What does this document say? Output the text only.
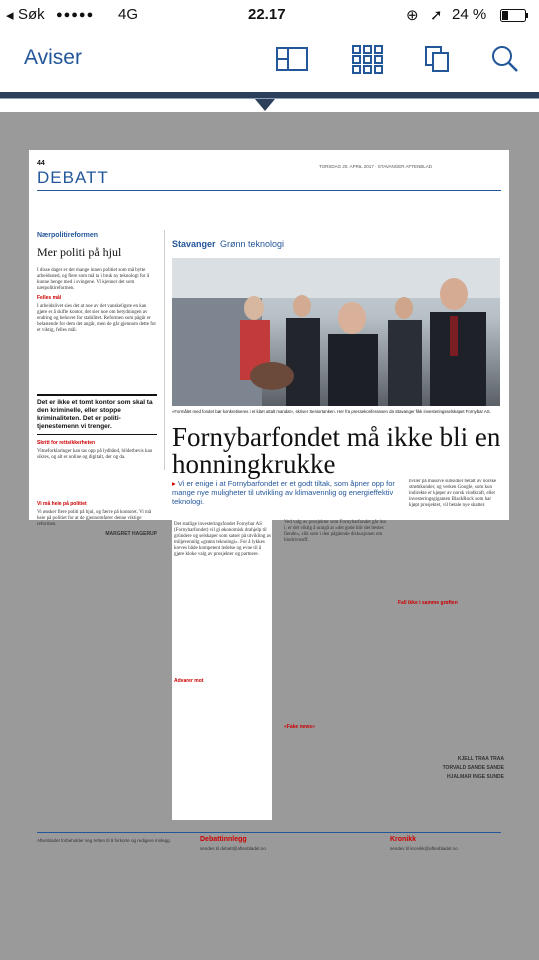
◂ Søk ●●●●● 4G	22.17	⊕ ➚ 24 %
Aviser
44
DEBATT
TORSDAG 20. APRIL 2017 · STAVANGER AFTENBLAD
Nærpolitireformen
Mer politi på hjul

I disse dager er det mange innen politiet som må bytte arbeidssted, og flere som må ta i bruk ny teknologi for å kunne henge med i svingene. Vi kjenner det som nærpolitireformen.

Felles mål

I arbeidslivet sies det at noe av det vanskeligste en kan gjøre er å skifte kontor, det sier noe om betydningen av endring og behovet for stabilitet. Reformen som pågår er belastende for dem det angår, men de går gjennom dette for et viktig, felles mål.

Det er ikke et tomt kontor som skal ta den kriminelle, eller stoppe kriminaliteten. Det er politi-tjenestemenn vi trenger.

Skritt for rettsikkerheten

Vitneforklaringer kan tas opp på lydbånd, bilderbevis kan sikres, og alt er online og digitalt, der og da.

Vi må heie på politiet

Vi ønsker flere politi på hjul, og færre på kontoret. Vi må heie på politiet for at de gjennomfører denne viktige reformen.

MARGRET HAGERUP

Stavanger Grønn teknologi
«Formålet med fondet bør konkretiseres i et klart uttalt mandat», skriver Seniortanken. Her fra pressekonferansen da Stavanger fikk investeringsselskapet Fornybar AS.
Fornybarfondet må ikke bli en honningkrukke
▸ Vi er enige i at Fornybarfondet er et godt tiltak, som åpner opp for mange nye muligheter til utvikling av klimavennlig og energieffektiv teknologi.

hviler på massive subsidier betalt av norske strømkunder, og verken Google, som kun indirekte er kjøper av norsk vindkraft, eller investeringsgiganten BlackRock som har kjøpt prosjektet, vil betale nye skatter.

Det statlige investeringsfondet Fornybar AS (Fornybarfondet) vil gi økonomisk drahjelp til gründere og selskaper som satser på utvikling av miljøvennlig «grønn teknologi». For å lykkes kreves både kompetent ledelse og evne til å gjøre kloke valg av prosjekter og partnere.

Advarer mot

Ved valg av prosjekter som Fornybarfondet går inn i, er det viktig å unngå at «det gode blir det bestes fiende», slik som i den pågående diskusjonen om biodrivstoff.

«Fake news»

Fall ikke i samme grøften

KJELL TRAA TRAA

TORVALD SANDE SANDE

HJALMAR INGE SUNDE

Aftenbladet forbeholder seg retten til å forkorte og redigere innlegg.	Debattinnlegg
sendes til debatt@aftenbladet.no
Kronikk
sendes til kronikk@aftenbladet.no
